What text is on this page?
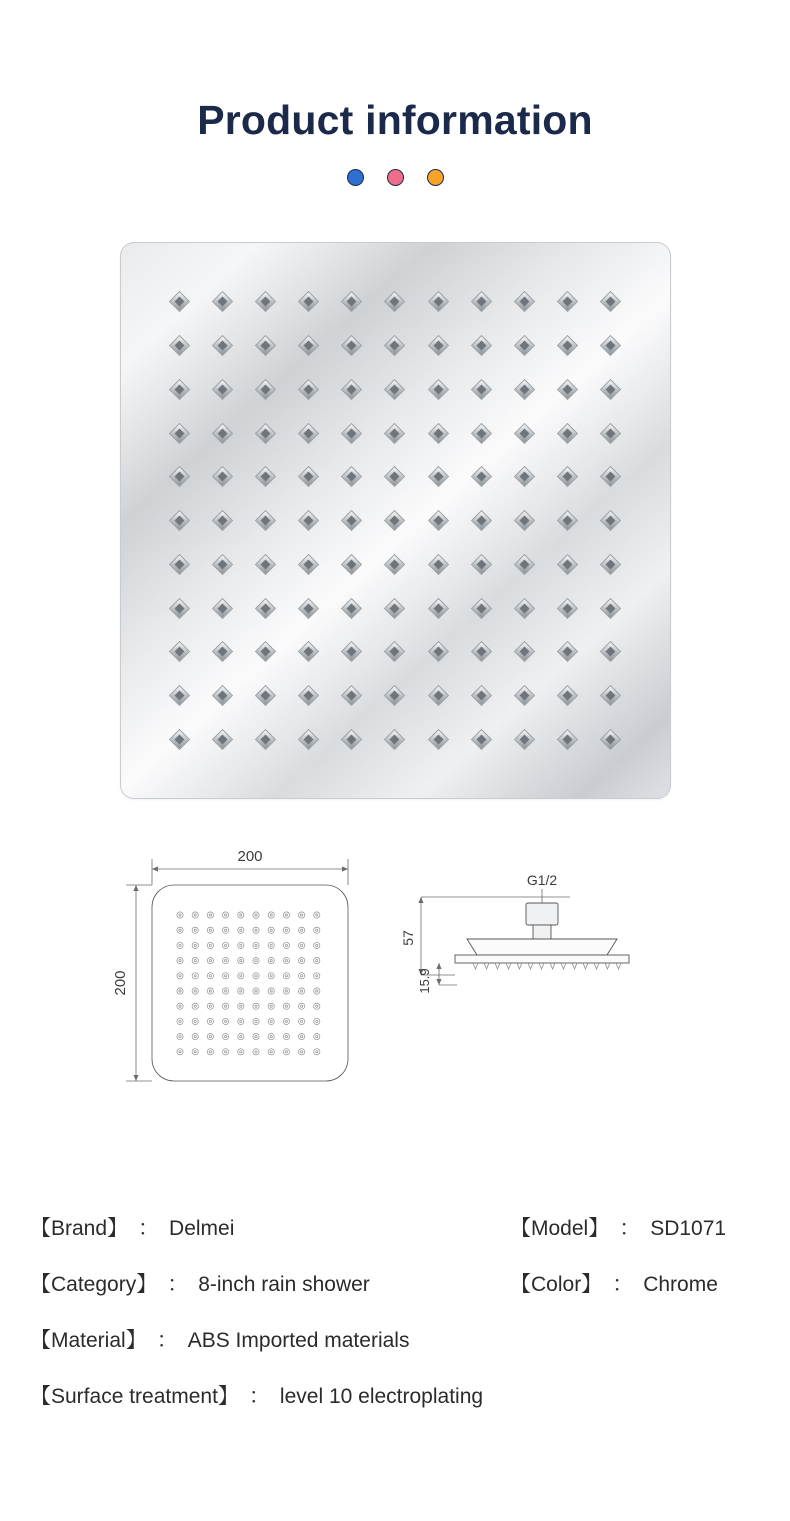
Product information
200
200
57
15.9
G1/2
【Brand】 ： Delmei	【Model】 ： SD1071
【Category】 ： 8-inch rain shower	【Color】 ： Chrome
【Material】 ： ABS Imported materials
【Surface treatment】 ： level 10 electroplating
